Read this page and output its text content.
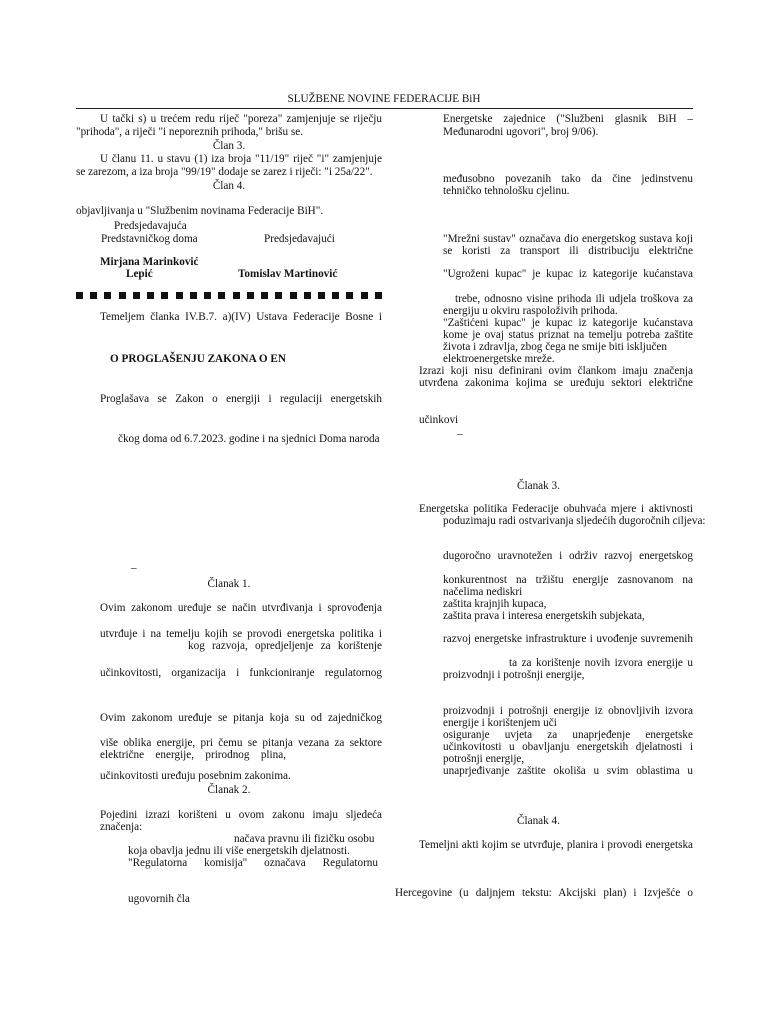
SLUŽBENE NOVINE FEDERACIJE BiH
U tački s) u trećem redu riječ "poreza" zamjenjuje se riječju
"prihoda", a riječi "i neporeznih prihoda," brišu se.
Član 3.
U članu 11. u stavu (1) iza broja "11/19" riječ "i" zamjenjuje
se zarezom, a iza broja "99/19" dodaje se zarez i riječi: "i 25a/22".
Član 4.
objavljivanja u "Službenim novinama Federacije BiH".
Predsjedavajuća
Predstavničkog doma	Predsjedavajući
Mirjana Marinković
Lepić	Tomislav Martinović
Temeljem članka IV.B.7. a)(IV) Ustava Federacije Bosne i
O PROGLAŠENJU ZAKONA O EN
Proglašava se Zakon o energiji i regulaciji energetskih
čkog doma od 6.7.2023. godine i na sjednici Doma naroda
–
Članak 1.
Ovim zakonom uređuje se način utvrđivanja i sprovođenja
utvrđuje i na temelju kojih se provodi energetska politika i
kog razvoja, opredjeljenje za korištenje
učinkovitosti, organizacija i funkcioniranje regulatornog
Ovim zakonom uređuje se pitanja koja su od zajedničkog
više oblika energije, pri čemu se pitanja vezana za sektore
električne energije, prirodnog plina,
učinkovitosti uređuju posebnim zakonima.
Članak 2.
Pojedini izrazi korišteni u ovom zakonu imaju sljedeća
značenja:
načava pravnu ili fizičku osobu
koja obavlja jednu ili više energetskih djelatnosti.
"Regulatorna komisija" označava Regulatornu
ugovornih čla
Energetske zajednice ("Službeni glasnik BiH –
Međunarodni ugovori", broj 9/06).
međusobno povezanih tako da čine jedinstvenu
tehničko tehnološku cjelinu.
"Mrežni sustav" označava dio energetskog sustava koji
se koristi za transport ili distribuciju električne
"Ugroženi kupac" je kupac iz kategorije kućanstava
trebe, odnosno visine prihoda ili udjela troškova za
energiju u okviru raspoloživih prihoda.
"Zaštićeni kupac" je kupac iz kategorije kućanstava
kome je ovaj status priznat na temelju potreba zaštite
života i zdravlja, zbog čega ne smije biti isključen
elektroenergetske mreže.
Izrazi koji nisu definirani ovim člankom imaju značenja
utvrđena zakonima kojima se uređuju sektori električne
učinkovi
–
Članak 3.
Energetska politika Federacije obuhvaća mjere i aktivnosti
poduzimaju radi ostvarivanja sljedećih dugoročnih ciljeva:
dugoročno uravnotežen i održiv razvoj energetskog
konkurentnost na tržištu energije zasnovanom na
načelima nediskri
zaštita krajnjih kupaca,
zaštita prava i interesa energetskih subjekata,
razvoj energetske infrastrukture i uvođenje suvremenih
ta za korištenje novih izvora energije u
proizvodnji i potrošnji energije,
proizvodnji i potrošnji energije iz obnovljivih izvora
energije i korištenjem uči
osiguranje uvjeta za unaprjeđenje energetske
učinkovitosti u obavljanju energetskih djelatnosti i
potrošnji energije,
unaprjeđivanje zaštite okoliša u svim oblastima u
Članak 4.
Temeljni akti kojim se utvrđuje, planira i provodi energetska
Hercegovine (u daljnjem tekstu: Akcijski plan) i Izvješće o
